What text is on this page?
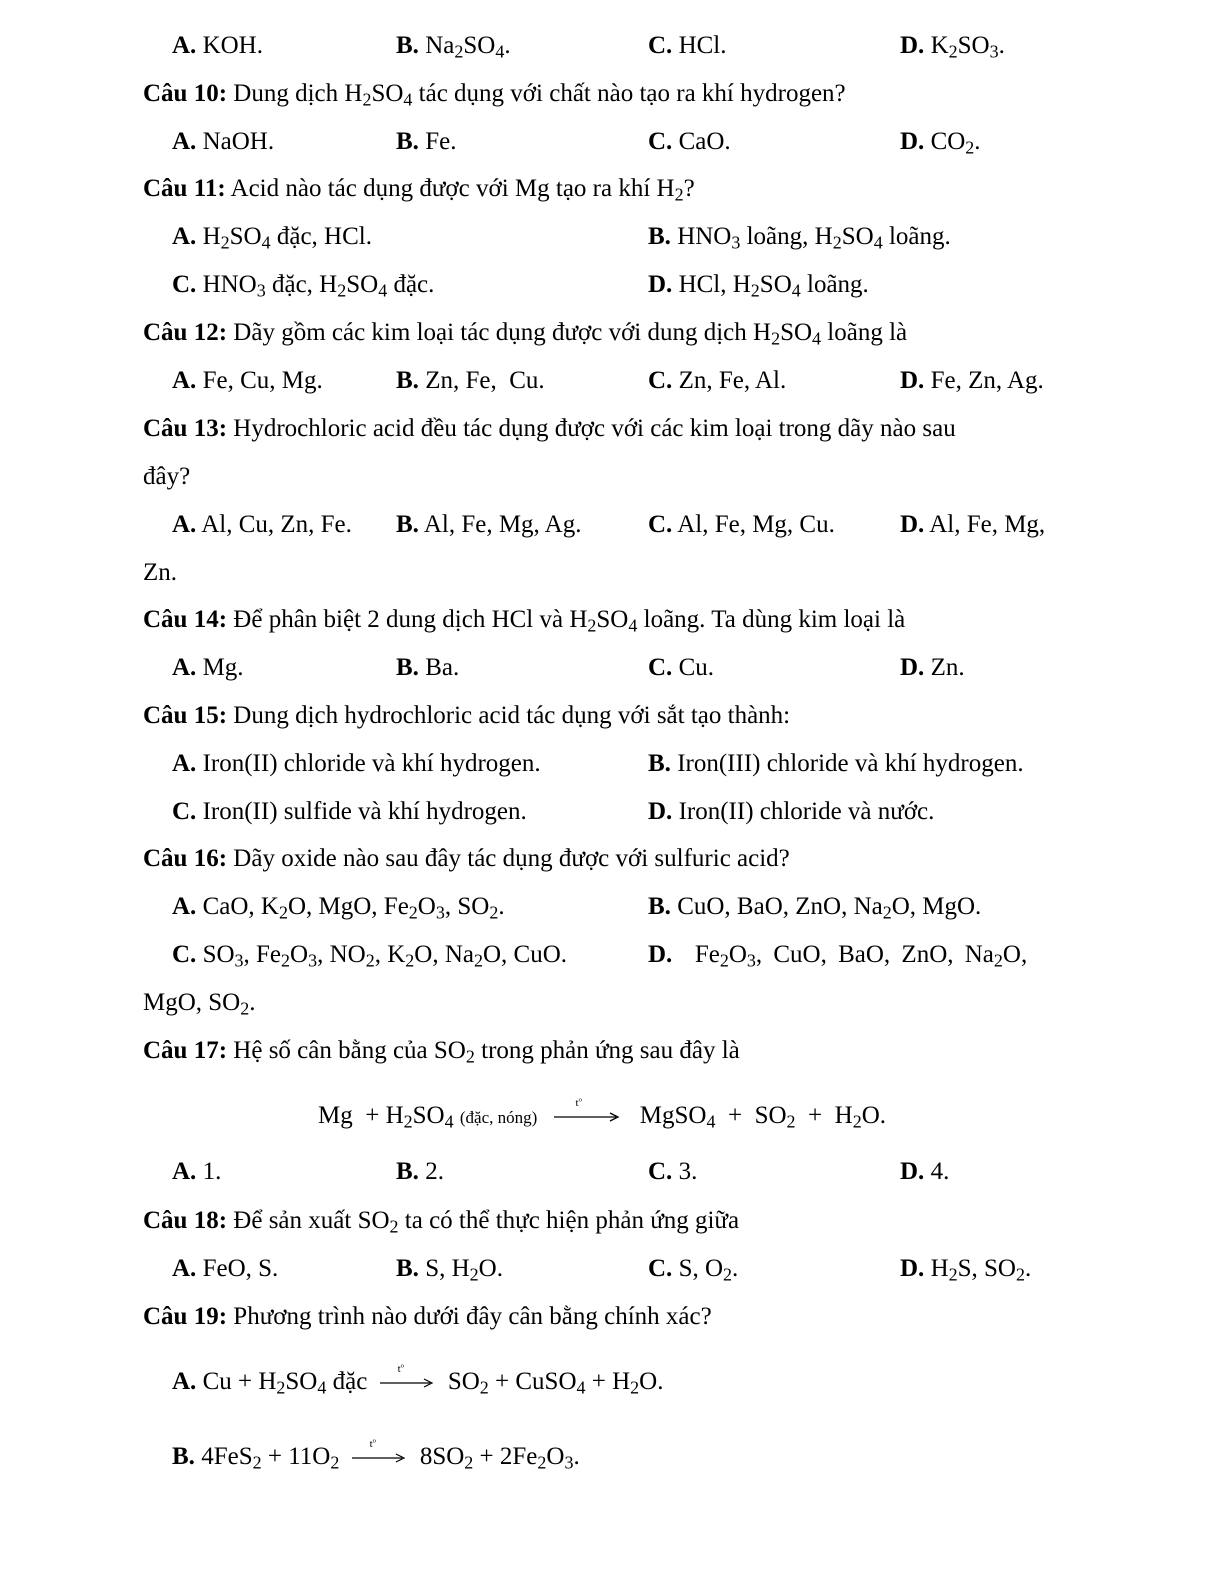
A. KOH.	B. $Na_2SO_4$.	C. HCl.	D. $K_2SO_3$.
Câu 10: Dung dịch $H_2SO_4$ tác dụng với chất nào tạo ra khí hydrogen?
A. NaOH.	B. Fe.	C. CaO.	D. $CO_2$.
Câu 11: Acid nào tác dụng được với Mg tạo ra khí $H_2$?
A. $H_2SO_4$ đặc, HCl.	B. $HNO_3$ loãng, $H_2SO_4$ loãng.
C. $HNO_3$ đặc, $H_2SO_4$ đặc.	D. HCl, $H_2SO_4$ loãng.
Câu 12: Dãy gồm các kim loại tác dụng được với dung dịch $H_2SO_4$ loãng là
A. Fe, Cu, Mg.	B. Zn, Fe,  Cu.	C. Zn, Fe, Al.	D. Fe, Zn, Ag.
Câu 13: Hydrochloric acid đều tác dụng được với các kim loại trong dãy nào sau
đây?
A. Al, Cu, Zn, Fe. B. Al, Fe, Mg, Ag.	C. Al, Fe, Mg, Cu.	D. Al, Fe, Mg,
Zn.
Câu 14: Để phân biệt 2 dung dịch HCl và $H_2SO_4$ loãng. Ta dùng kim loại là
A. Mg.	B. Ba.	C. Cu.	D. Zn.
Câu 15: Dung dịch hydrochloric acid tác dụng với sắt tạo thành:
A. Iron(II) chloride và khí hydrogen.	B. Iron(III) chloride và khí hydrogen.
C. Iron(II) sulfide và khí hydrogen.	D. Iron(II) chloride và nước.
Câu 16: Dãy oxide nào sau đây tác dụng được với sulfuric acid?
A. CaO, $K_2O$, MgO, $Fe_2O_3$, $SO_2$.	B. CuO, BaO, ZnO, $Na_2O$, MgO.
C. $SO_3$, $Fe_2O_3$, $NO_2$, $K_2O$, $Na_2O$, CuO.	D. $Fe_2O_3$, CuO, BaO, ZnO, $Na_2O$,
MgO, $SO_2$.
Câu 17: Hệ số cân bằng của $SO_2$ trong phản ứng sau đây là
$Mg + H_2SO_4$ (đặc, nóng)
$t^o$
MgSO$_4$  +  $SO_2 + H_2O$.
A. 1.	B. 2.	C. 3.	D. 4.
Câu 18: Để sản xuất $SO_2$ ta có thể thực hiện phản ứng giữa
A. FeO, S.	B. S, $H_2O$.	C. S, $O_2$.	D. $H_2S$, $SO_2$.
Câu 19: Phương trình nào dưới đây cân bằng chính xác?
A. $Cu + H_2SO_4$ đặc	$t^o$
$SO_2$ + CuSO$_4$ + $H_2O$.
B. $4FeS_2 + 11O_2$
$t^o$
$8SO_2 + 2Fe_2O_3$.
